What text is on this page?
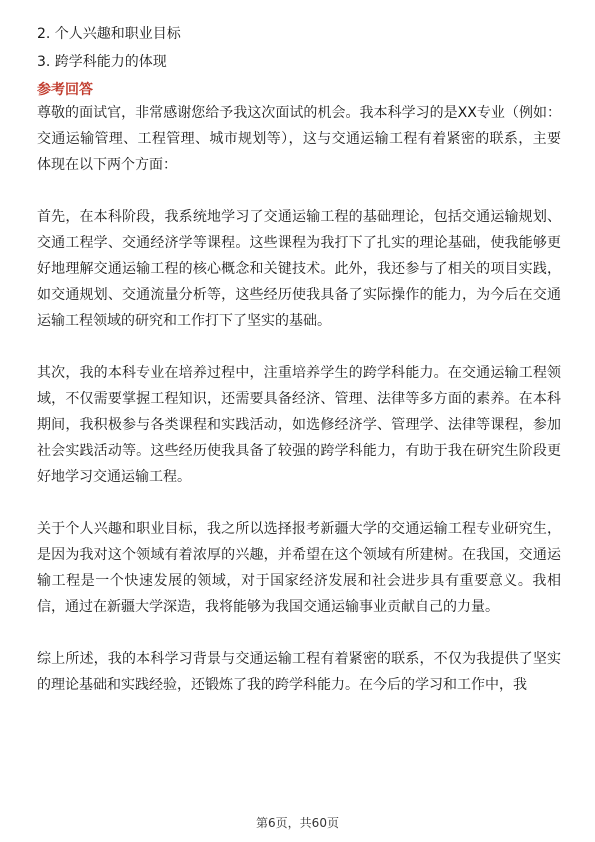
2. 个人兴趣和职业目标
3. 跨学科能力的体现
参考回答

尊敬的面试官，非常感谢您给予我这次面试的机会。我本科学习的是XX专业（例如：交通运输管理、工程管理、城市规划等），这与交通运输工程有着紧密的联系，主要体现在以下两个方面：

首先，在本科阶段，我系统地学习了交通运输工程的基础理论，包括交通运输规划、交通工程学、交通经济学等课程。这些课程为我打下了扎实的理论基础，使我能够更好地理解交通运输工程的核心概念和关键技术。此外，我还参与了相关的项目实践，如交通规划、交通流量分析等，这些经历使我具备了实际操作的能力，为今后在交通运输工程领域的研究和工作打下了坚实的基础。

其次，我的本科专业在培养过程中，注重培养学生的跨学科能力。在交通运输工程领域，不仅需要掌握工程知识，还需要具备经济、管理、法律等多方面的素养。在本科期间，我积极参与各类课程和实践活动，如选修经济学、管理学、法律等课程，参加社会实践活动等。这些经历使我具备了较强的跨学科能力，有助于我在研究生阶段更好地学习交通运输工程。

关于个人兴趣和职业目标，我之所以选择报考新疆大学的交通运输工程专业研究生，是因为我对这个领域有着浓厚的兴趣，并希望在这个领域有所建树。在我国，交通运输工程是一个快速发展的领域，对于国家经济发展和社会进步具有重要意义。我相信，通过在新疆大学深造，我将能够为我国交通运输事业贡献自己的力量。

综上所述，我的本科学习背景与交通运输工程有着紧密的联系，不仅为我提供了坚实的理论基础和实践经验，还锻炼了我的跨学科能力。在今后的学习和工作中，我

第6页，共60页
